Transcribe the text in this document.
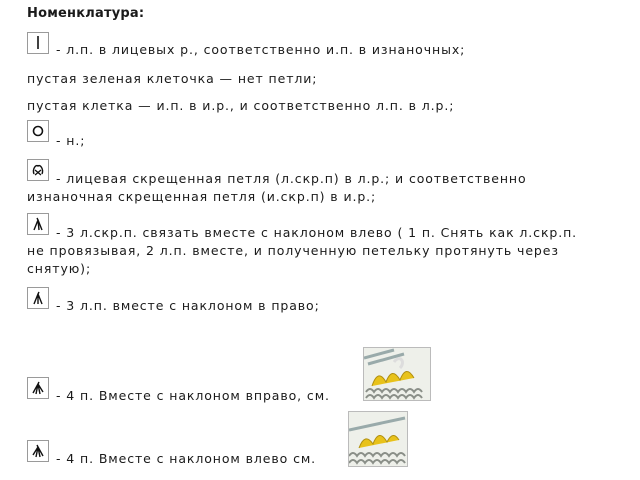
Номенклатура:
- л.п. в лицевых р., соответственно и.п. в изнаночных;
пустая зеленая клеточка — нет петли;
пустая клетка — и.п. в и.р., и соответственно л.п. в л.р.;
- н.;
- лицевая скрещенная петля (л.скр.п) в л.р.; и соответственно изнаночная скрещенная петля (и.скр.п) в и.р.;
- 3 л.скр.п. связать вместе с наклоном влево ( 1 п. Снять как л.скр.п. не провязывая, 2 л.п. вместе, и полученную петельку протянуть через снятую);
- 3 л.п. вместе с наклоном в право;
- 4 п. Вместе с наклоном вправо, см.
- 4 п. Вместе с наклоном влево см.
